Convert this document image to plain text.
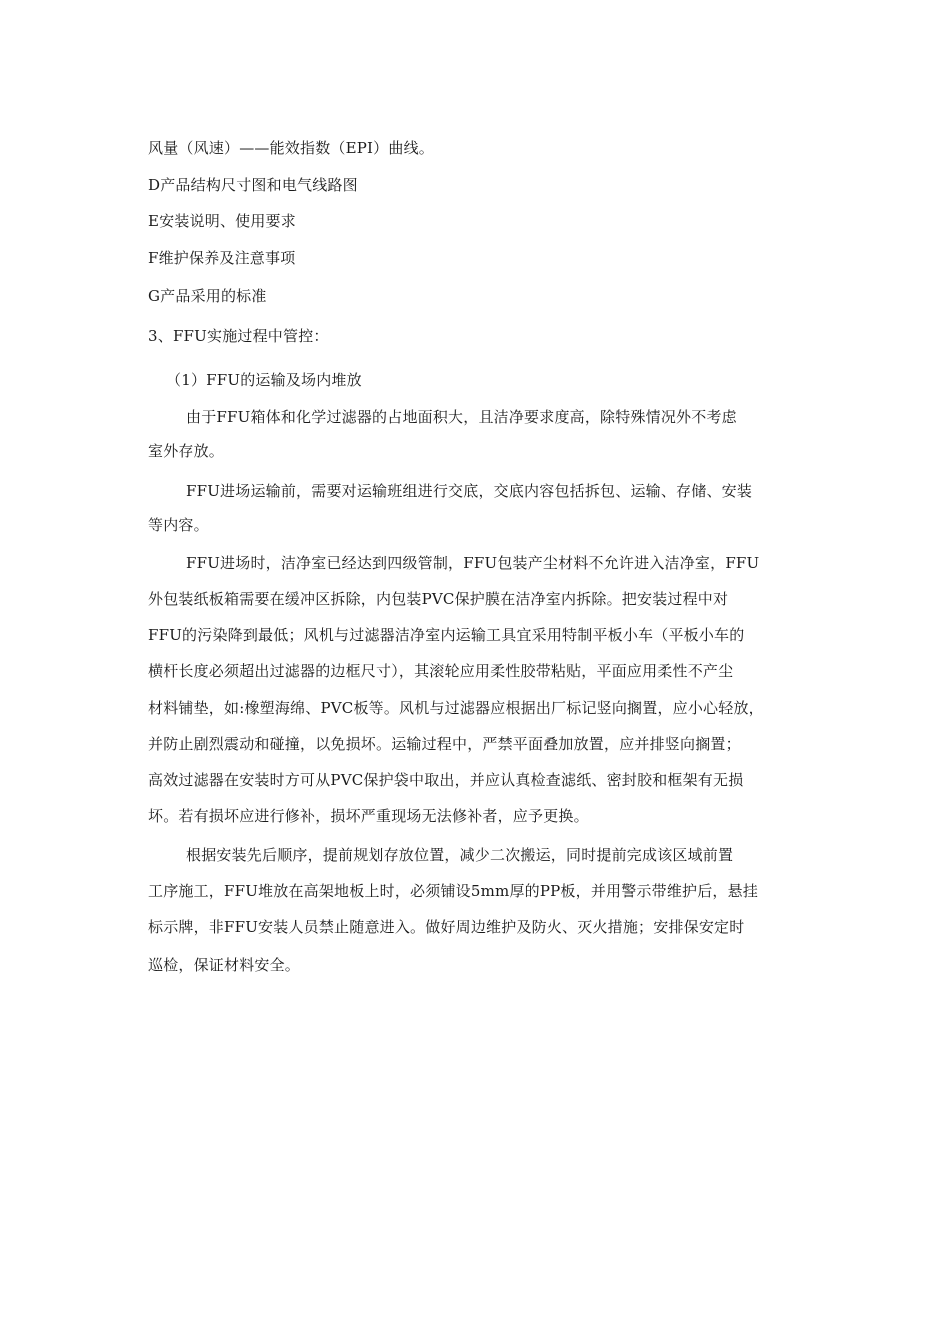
风量（风速）——能效指数（EPI）曲线。
D产品结构尺寸图和电气线路图
E安装说明、使用要求
F维护保养及注意事项
G产品采用的标准
3、FFU实施过程中管控：
（1）FFU的运输及场内堆放
由于FFU箱体和化学过滤器的占地面积大，且洁净要求度高，除特殊情况外不考虑
室外存放。
FFU进场运输前，需要对运输班组进行交底，交底内容包括拆包、运输、存储、安装
等内容。
FFU进场时，洁净室已经达到四级管制，FFU包装产尘材料不允许进入洁净室，FFU
外包装纸板箱需要在缓冲区拆除，内包装PVC保护膜在洁净室内拆除。把安装过程中对
FFU的污染降到最低；风机与过滤器洁净室内运输工具宜采用特制平板小车（平板小车的
横杆长度必须超出过滤器的边框尺寸），其滚轮应用柔性胶带粘贴，平面应用柔性不产尘
材料铺垫，如:橡塑海绵、PVC板等。风机与过滤器应根据出厂标记竖向搁置，应小心轻放，
并防止剧烈震动和碰撞，以免损坏。运输过程中，严禁平面叠加放置，应并排竖向搁置；
高效过滤器在安装时方可从PVC保护袋中取出，并应认真检查滤纸、密封胶和框架有无损
坏。若有损坏应进行修补，损坏严重现场无法修补者，应予更换。
根据安装先后顺序，提前规划存放位置，减少二次搬运，同时提前完成该区域前置
工序施工，FFU堆放在高架地板上时，必须铺设5mm厚的PP板，并用警示带维护后，悬挂
标示牌，非FFU安装人员禁止随意进入。做好周边维护及防火、灭火措施；安排保安定时
巡检，保证材料安全。
